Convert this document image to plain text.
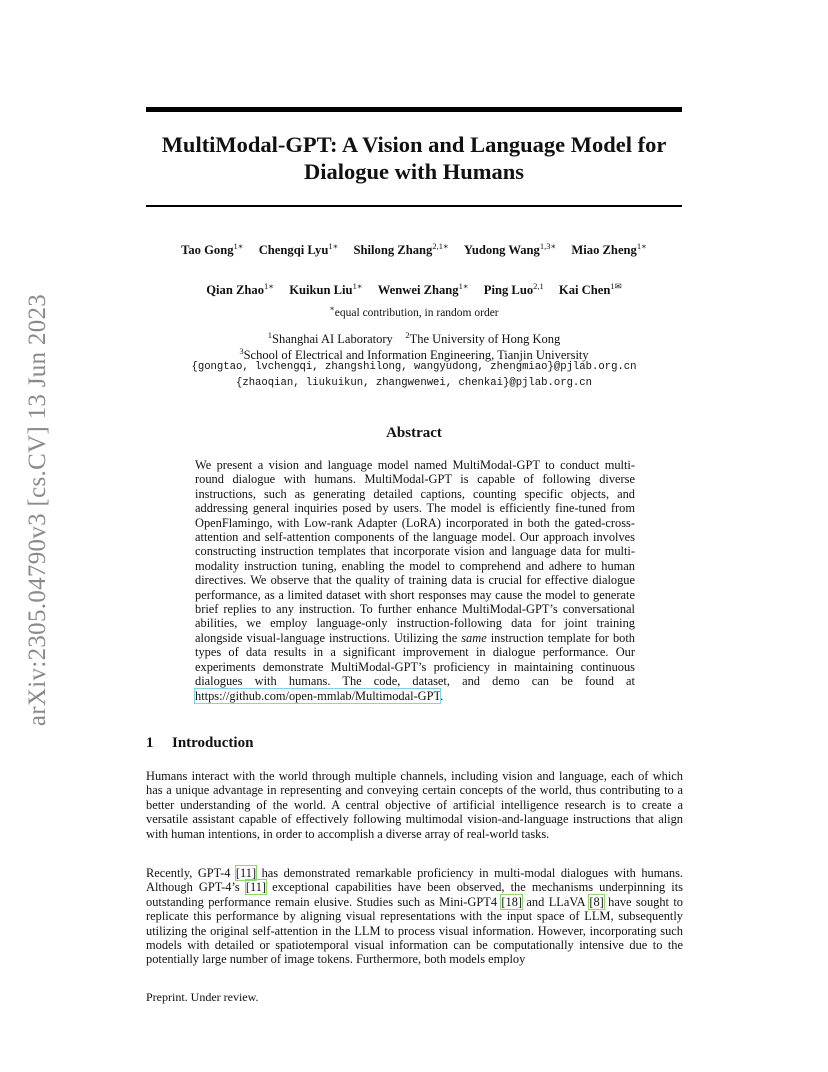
arXiv:2305.04790v3 [cs.CV] 13 Jun 2023
MultiModal-GPT: A Vision and Language Model for
Dialogue with Humans
Tao Gong$^{1∗}$ Chengqi Lyu$^{1∗}$ Shilong Zhang$^{2,1∗}$ Yudong Wang$^{1,3∗}$ Miao Zheng$^{1∗}$
Qian Zhao$^{1∗}$ Kuikun Liu$^{1∗}$ Wenwei Zhang$^{1∗}$ Ping Luo$^{2,1}$ Kai Chen$^{1✉}$
∗equal contribution, in random order
$^1$Shanghai AI Laboratory $^2$The University of Hong Kong
$^3$School of Electrical and Information Engineering, Tianjin University
{gongtao, lvchengqi, zhangshilong, wangyudong, zhengmiao}@pjlab.org.cn
{zhaoqian, liukuikun, zhangwenwei, chenkai}@pjlab.org.cn
Abstract

We present a vision and language model named MultiModal-GPT to conduct multi-round dialogue with humans. MultiModal-GPT is capable of following diverse instructions, such as generating detailed captions, counting specific objects, and addressing general inquiries posed by users. The model is efficiently fine-tuned from OpenFlamingo, with Low-rank Adapter (LoRA) incorporated in both the gated-cross-attention and self-attention components of the language model. Our approach involves constructing instruction templates that incorporate vision and language data for multi-modality instruction tuning, enabling the model to comprehend and adhere to human directives. We observe that the quality of training data is crucial for effective dialogue performance, as a limited dataset with short responses may cause the model to generate brief replies to any instruction. To further enhance MultiModal-GPT’s conversational abilities, we employ language-only instruction-following data for joint training alongside visual-language instructions. Utilizing the same instruction template for both types of data results in a significant improvement in dialogue performance. Our experiments demonstrate MultiModal-GPT’s proficiency in maintaining continuous dialogues with humans. The code, dataset, and demo can be found at https://github.com/open-mmlab/Multimodal-GPT.

1 Introduction

Humans interact with the world through multiple channels, including vision and language, each of which has a unique advantage in representing and conveying certain concepts of the world, thus contributing to a better understanding of the world. A central objective of artificial intelligence research is to create a versatile assistant capable of effectively following multimodal vision-and-language instructions that align with human intentions, in order to accomplish a diverse array of real-world tasks.

Recently, GPT-4 [11] has demonstrated remarkable proficiency in multi-modal dialogues with humans. Although GPT-4’s [11] exceptional capabilities have been observed, the mechanisms underpinning its outstanding performance remain elusive. Studies such as Mini-GPT4 [18] and LLaVA [8] have sought to replicate this performance by aligning visual representations with the input space of LLM, subsequently utilizing the original self-attention in the LLM to process visual information. However, incorporating such models with detailed or spatiotemporal visual information can be computationally intensive due to the potentially large number of image tokens. Furthermore, both models employ

Preprint. Under review.
